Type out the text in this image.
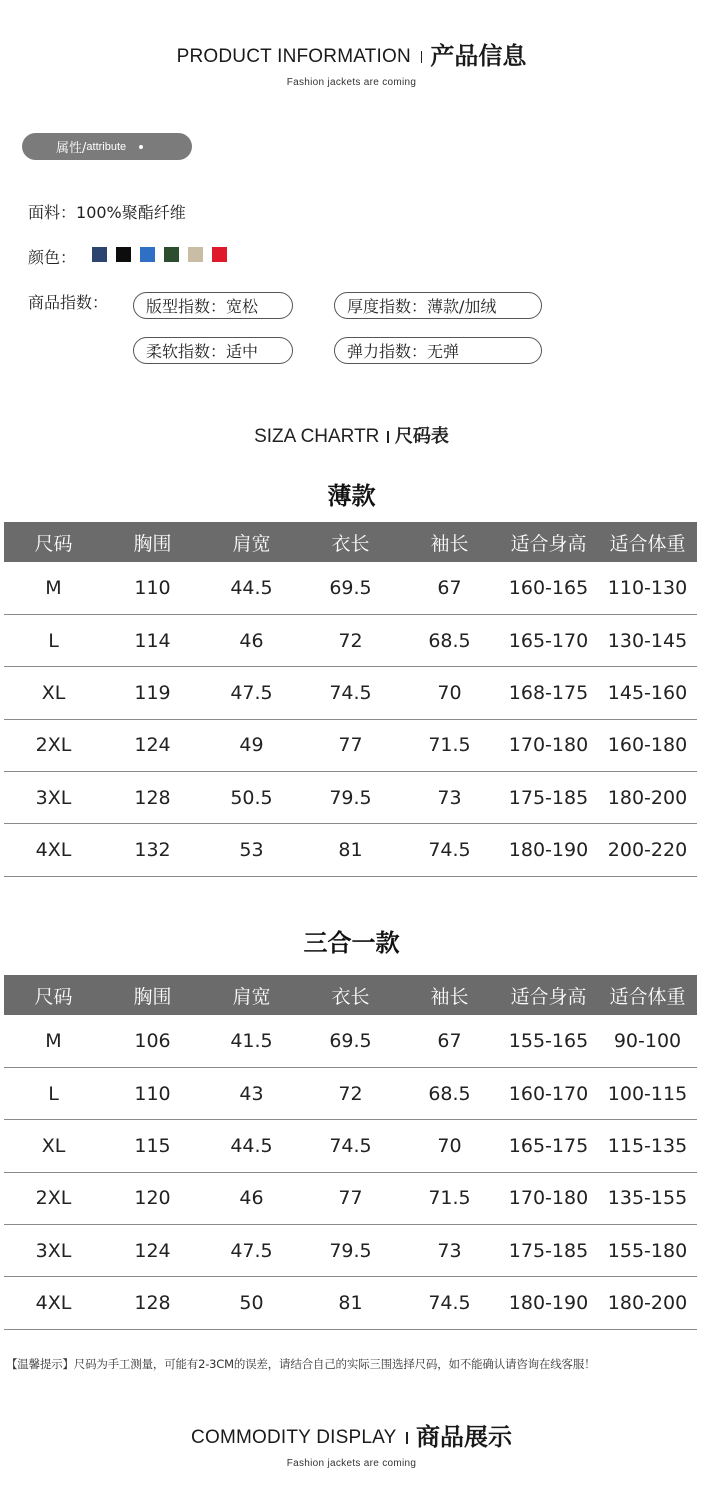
PRODUCT INFORMATION 产品信息
Fashion jackets are coming
属性/ attribute
面料：100%聚酯纤维
颜色：
商品指数：	版型指数：宽松	厚度指数：薄款/加绒
柔软指数：适中	弹力指数：无弹
SIZA CHARTR 尺码表
薄款
尺码	胸围	肩宽	衣长	袖长	适合身高	适合体重
M	110	44.5	69.5	67	160-165	110-130
L	114	46	72	68.5	165-170	130-145
XL	119	47.5	74.5	70	168-175	145-160
2XL	124	49	77	71.5	170-180	160-180
3XL	128	50.5	79.5	73	175-185	180-200
4XL	132	53	81	74.5	180-190	200-220
三合一款
尺码	胸围	肩宽	衣长	袖长	适合身高	适合体重
M	106	41.5	69.5	67	155-165	90-100
L	110	43	72	68.5	160-170	100-115
XL	115	44.5	74.5	70	165-175	115-135
2XL	120	46	77	71.5	170-180	135-155
3XL	124	47.5	79.5	73	175-185	155-180
4XL	128	50	81	74.5	180-190	180-200
【温馨提示】尺码为手工测量，可能有2-3CM的误差，请结合自己的实际三围选择尺码，如不能确认请咨询在线客服！
COMMODITY DISPLAY 商品展示
Fashion jackets are coming
